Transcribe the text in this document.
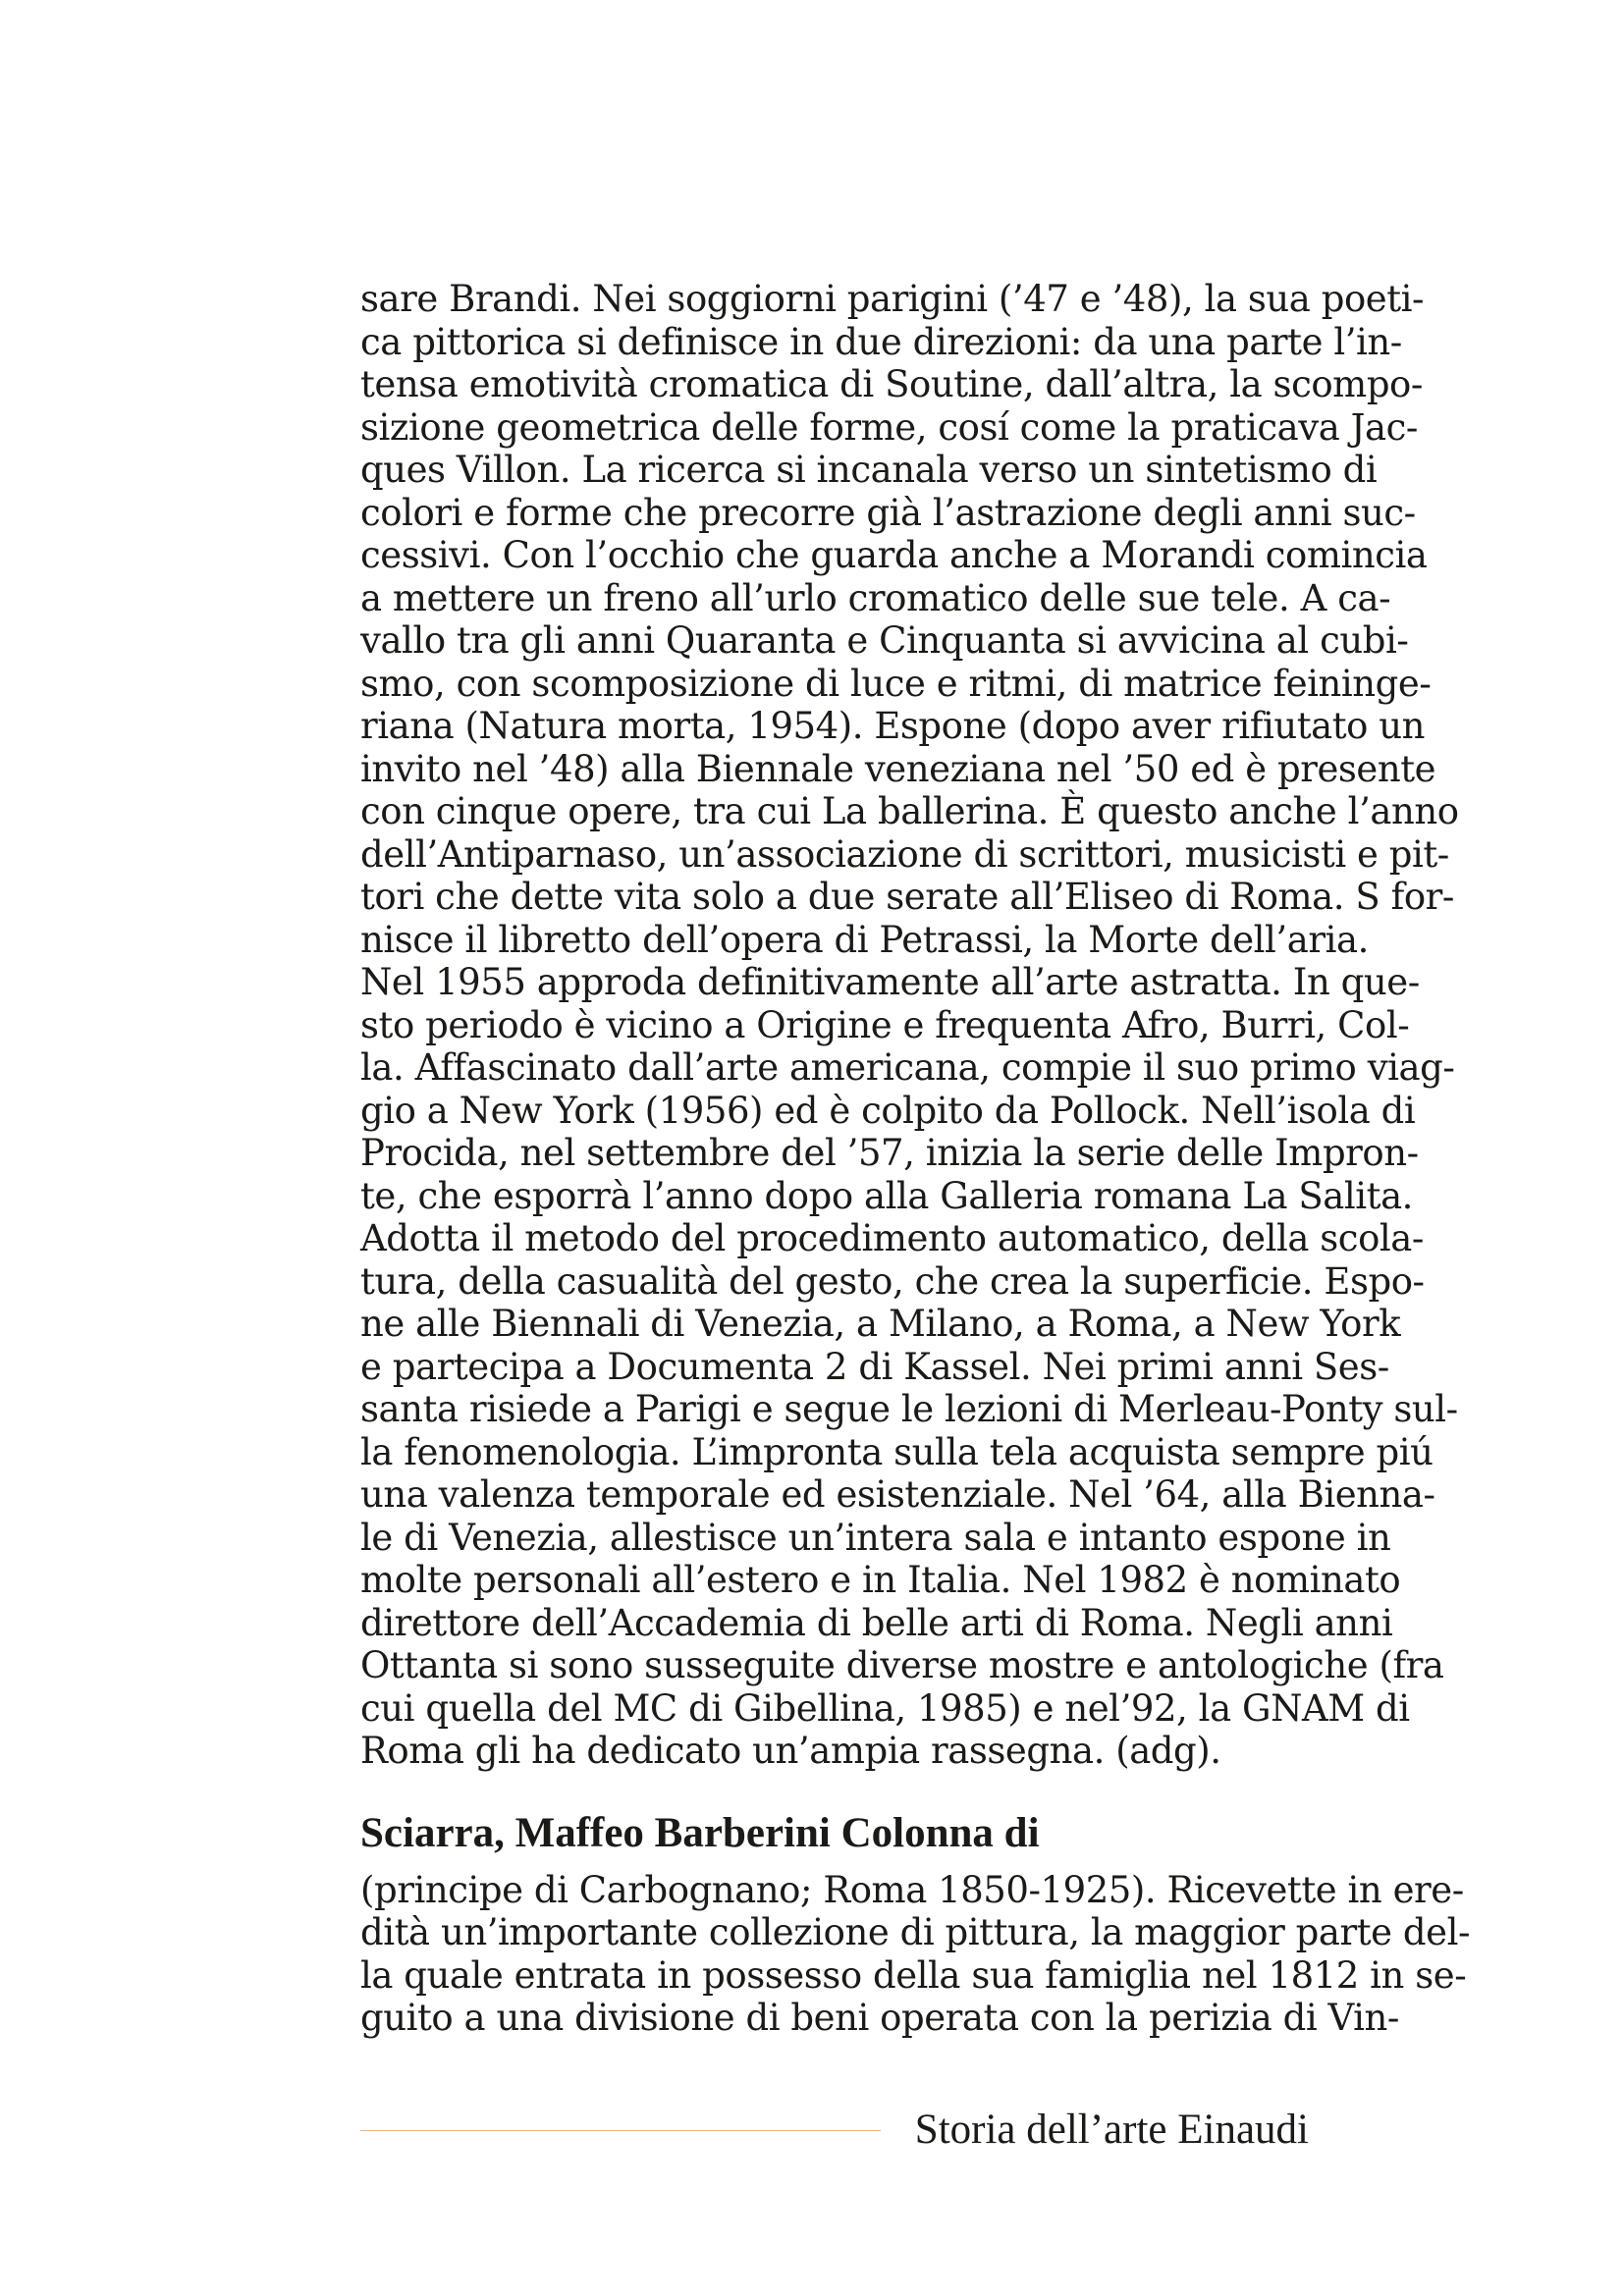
sare Brandi. Nei soggiorni parigini (’47 e ’48), la sua poeti-
ca pittorica si definisce in due direzioni: da una parte l’in-
tensa emotività cromatica di Soutine, dall’altra, la scompo-
sizione geometrica delle forme, cosí come la praticava Jac-
ques Villon. La ricerca si incanala verso un sintetismo di
colori e forme che precorre già l’astrazione degli anni suc-
cessivi. Con l’occhio che guarda anche a Morandi comincia
a mettere un freno all’urlo cromatico delle sue tele. A ca-
vallo tra gli anni Quaranta e Cinquanta si avvicina al cubi-
smo, con scomposizione di luce e ritmi, di matrice feininge-
riana (Natura morta, 1954). Espone (dopo aver rifiutato un
invito nel ’48) alla Biennale veneziana nel ’50 ed è presente
con cinque opere, tra cui La ballerina. È questo anche l’anno
dell’Antiparnaso, un’associazione di scrittori, musicisti e pit-
tori che dette vita solo a due serate all’Eliseo di Roma. S for-
nisce il libretto dell’opera di Petrassi, la Morte dell’aria.
Nel 1955 approda definitivamente all’arte astratta. In que-
sto periodo è vicino a Origine e frequenta Afro, Burri, Col-
la. Affascinato dall’arte americana, compie il suo primo viag-
gio a New York (1956) ed è colpito da Pollock. Nell’isola di
Procida, nel settembre del ’57, inizia la serie delle Impron-
te, che esporrà l’anno dopo alla Galleria romana La Salita.
Adotta il metodo del procedimento automatico, della scola-
tura, della casualità del gesto, che crea la superficie. Espo-
ne alle Biennali di Venezia, a Milano, a Roma, a New York
e partecipa a Documenta 2 di Kassel. Nei primi anni Ses-
santa risiede a Parigi e segue le lezioni di Merleau-Ponty sul-
la fenomenologia. L’impronta sulla tela acquista sempre piú
una valenza temporale ed esistenziale. Nel ’64, alla Bienna-
le di Venezia, allestisce un’intera sala e intanto espone in
molte personali all’estero e in Italia. Nel 1982 è nominato
direttore dell’Accademia di belle arti di Roma. Negli anni
Ottanta si sono susseguite diverse mostre e antologiche (fra
cui quella del MC di Gibellina, 1985) e nel’92, la GNAM di
Roma gli ha dedicato un’ampia rassegna. (adg).
Sciarra, Maffeo Barberini Colonna di
(principe di Carbognano; Roma 1850-1925). Ricevette in ere-
dità un’importante collezione di pittura, la maggior parte del-
la quale entrata in possesso della sua famiglia nel 1812 in se-
guito a una divisione di beni operata con la perizia di Vin-
Storia dell’arte Einaudi
